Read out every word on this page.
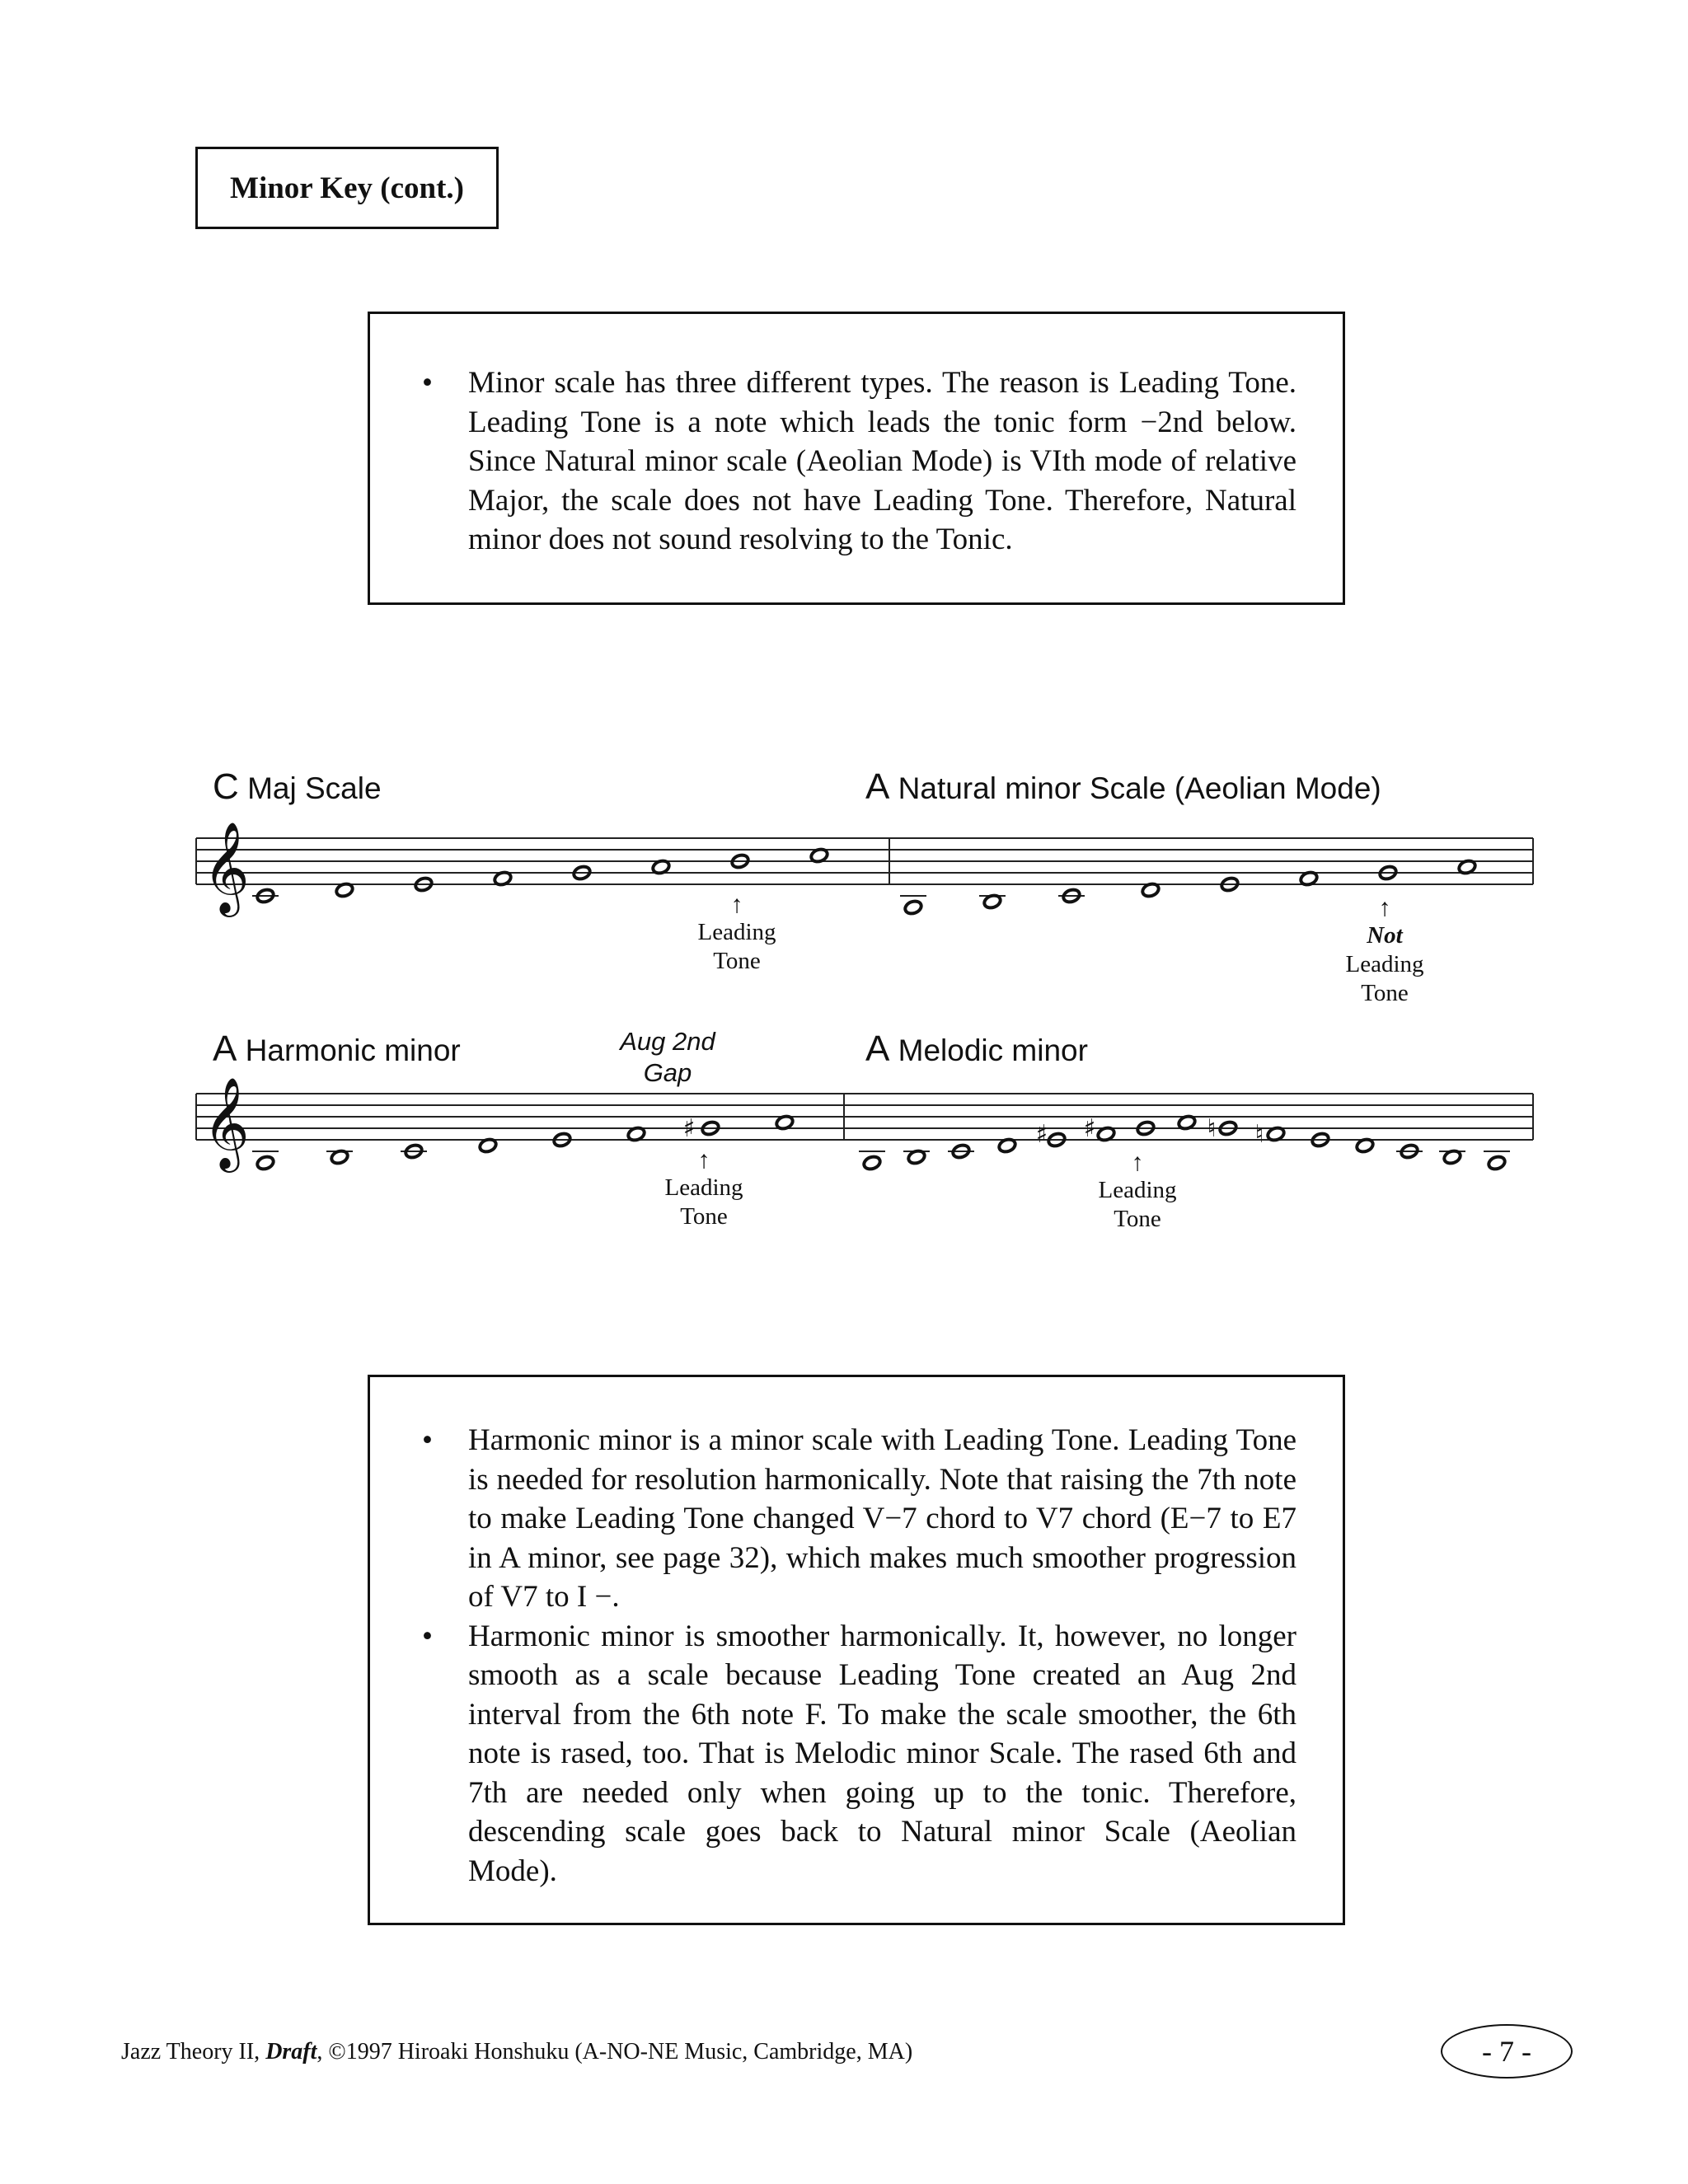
Minor Key (cont.)
• Minor scale has three different types. The reason is Leading Tone. Leading Tone is a note which leads the tonic form −2nd below. Since Natural minor scale (Aeolian Mode) is VIth mode of relative Major, the scale does not have Leading Tone. Therefore, Natural minor does not sound resolving to the Tonic.
C Maj Scale	A Natural minor Scale (Aeolian Mode)
A Harmonic minor	A Melodic minor
Aug 2nd
Gap
𝄞
𝄞	♯	♯ ♯	♮ ♮
↑
Leading
Tone
↑
Not
Leading
Tone
↑
Leading
Tone
↑
Leading
Tone
• Harmonic minor is a minor scale with Leading Tone. Leading Tone is needed for resolution harmonically. Note that raising the 7th note to make Leading Tone changed V−7 chord to V7 chord (E−7 to E7 in A minor, see page 32), which makes much smoother progression of V7 to I −.
• Harmonic minor is smoother harmonically. It, however, no longer smooth as a scale because Leading Tone created an Aug 2nd interval from the 6th note F. To make the scale smoother, the 6th note is rased, too. That is Melodic minor Scale. The rased 6th and 7th are needed only when going up to the tonic. Therefore, descending scale goes back to Natural minor Scale (Aeolian Mode).
Jazz Theory II, Draft, ©1997 Hiroaki Honshuku (A-NO-NE Music, Cambridge, MA)	- 7 -
